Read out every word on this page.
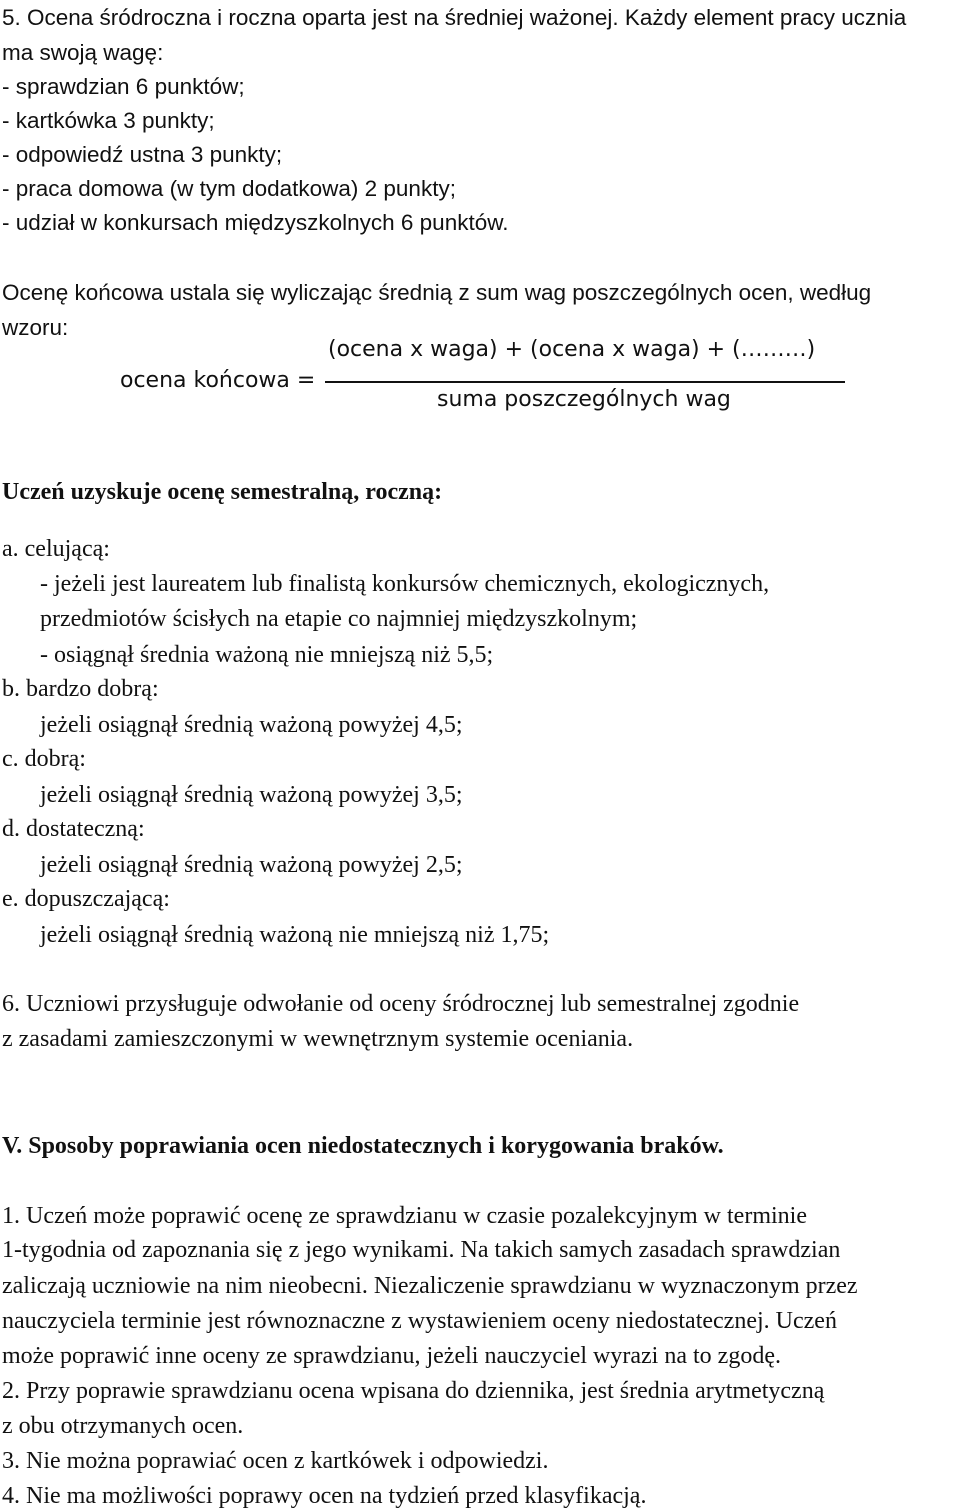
5. Ocena śródroczna i roczna oparta jest na średniej ważonej. Każdy element pracy ucznia
ma swoją wagę:
- sprawdzian 6 punktów;
- kartkówka 3 punkty;
- odpowiedź ustna 3 punkty;
- praca domowa (w tym dodatkowa) 2 punkty;
- udział w konkursach międzyszkolnych 6 punktów.
Ocenę końcowa ustala się wyliczając średnią z sum wag poszczególnych ocen, według
wzoru:
ocena końcowa =
(ocena x waga) + (ocena x waga) + (………)
suma poszczególnych wag
Uczeń uzyskuje ocenę semestralną, roczną:
a. celującą:
- jeżeli jest laureatem lub finalistą konkursów chemicznych, ekologicznych,
przedmiotów ścisłych na etapie co najmniej międzyszkolnym;
- osiągnął średnia ważoną nie mniejszą niż 5,5;
b. bardzo dobrą:
jeżeli osiągnął średnią ważoną powyżej 4,5;
c. dobrą:
jeżeli osiągnął średnią ważoną powyżej 3,5;
d. dostateczną:
jeżeli osiągnął średnią ważoną powyżej 2,5;
e. dopuszczającą:
jeżeli osiągnął średnią ważoną nie mniejszą niż 1,75;
6. Uczniowi przysługuje odwołanie od oceny śródrocznej lub semestralnej zgodnie
z zasadami zamieszczonymi w wewnętrznym systemie oceniania.
V. Sposoby poprawiania ocen niedostatecznych i korygowania braków.
1. Uczeń może poprawić ocenę ze sprawdzianu w czasie pozalekcyjnym w terminie
1-tygodnia od zapoznania się z jego wynikami. Na takich samych zasadach sprawdzian
zaliczają uczniowie na nim nieobecni. Niezaliczenie sprawdzianu w wyznaczonym przez
nauczyciela terminie jest równoznaczne z wystawieniem oceny niedostatecznej. Uczeń
może poprawić inne oceny ze sprawdzianu, jeżeli nauczyciel wyrazi na to zgodę.
2. Przy poprawie sprawdzianu ocena wpisana do dziennika, jest średnia arytmetyczną
z obu otrzymanych ocen.
3. Nie można poprawiać ocen z kartkówek i odpowiedzi.
4. Nie ma możliwości poprawy ocen na tydzień przed klasyfikacją.
